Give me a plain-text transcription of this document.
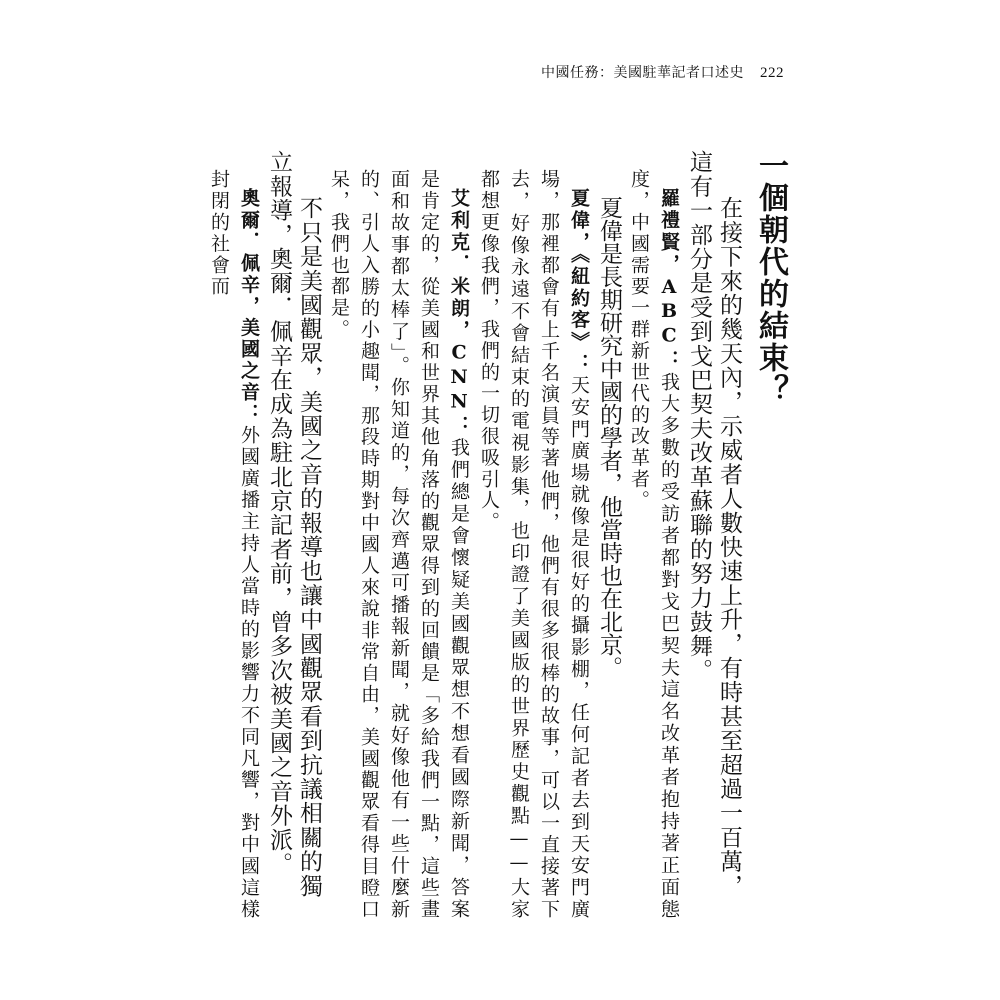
中國任務：美國駐華記者口述史 222
一個朝代的結束？

在接下來的幾天內，示威者人數快速上升，有時甚至超過一百萬，這有一部分是受到戈巴契夫改革蘇聯的努力鼓舞。

羅禮賢，ABC：我大多數的受訪者都對戈巴契夫這名改革者抱持著正面態度，中國需要一群新世代的改革者。

夏偉是長期研究中國的學者，他當時也在北京。

夏偉，《紐約客》：天安門廣場就像是很好的攝影棚，任何記者去到天安門廣場，那裡都會有上千名演員等著他們，他們有很多很棒的故事，可以一直接著下去，好像永遠不會結束的電視影集，也印證了美國版的世界歷史觀點——大家都想更像我們，我們的一切很吸引人。

艾利克．米朗，CNN：我們總是會懷疑美國觀眾想不想看國際新聞，答案是肯定的，從美國和世界其他角落的觀眾得到的回饋是「多給我們一點，這些畫面和故事都太棒了」。你知道的，每次齊邁可播報新聞，就好像他有一些什麼新的、引人入勝的小趣聞，那段時期對中國人來說非常自由，美國觀眾看得目瞪口呆，我們也都是。

不只是美國觀眾，美國之音的報導也讓中國觀眾看到抗議相關的獨立報導，奧爾．佩辛在成為駐北京記者前，曾多次被美國之音外派。

奧爾．佩辛，美國之音：外國廣播主持人當時的影響力不同凡響，對中國這樣封閉的社會而
